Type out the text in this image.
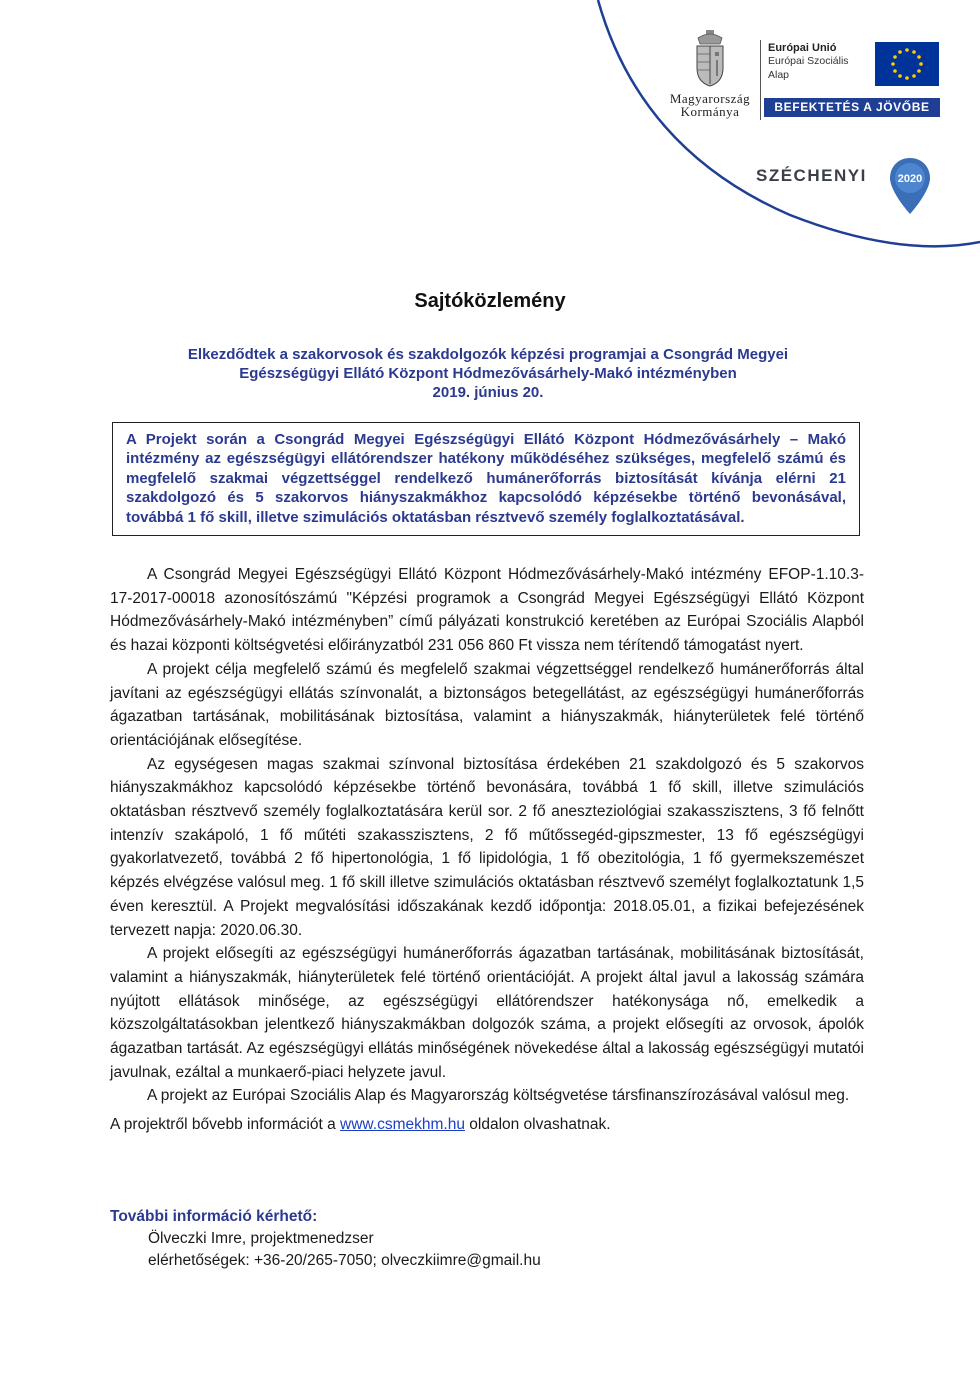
Magyarország
Kormánya
Európai Unió
Európai Szociális
Alap
BEFEKTETÉS A JÖVŐBE
SZÉCHENYI	2020
Sajtóközlemény
Elkezdődtek a szakorvosok és szakdolgozók képzési programjai a Csongrád Megyei
Egészségügyi Ellátó Központ Hódmezővásárhely-Makó intézményben
2019. június 20.

A Projekt során a Csongrád Megyei Egészségügyi Ellátó Központ Hódmezővásárhely – Makó intézmény az egészségügyi ellátórendszer hatékony működéséhez szükséges, megfelelő számú és megfelelő szakmai végzettséggel rendelkező humánerőforrás biztosítását kívánja elérni 21 szakdolgozó és 5 szakorvos hiányszakmákhoz kapcsolódó képzésekbe történő bevonásával, továbbá 1 fő skill, illetve szimulációs oktatásban résztvevő személy foglalkoztatásával.

A Csongrád Megyei Egészségügyi Ellátó Központ Hódmezővásárhely-Makó intézmény EFOP-1.10.3-17-2017-00018 azonosítószámú "Képzési programok a Csongrád Megyei Egészségügyi Ellátó Központ Hódmezővásárhely-Makó intézményben” című pályázati konstrukció keretében az Európai Szociális Alapból és hazai központi költségvetési előirányzatból 231 056 860 Ft vissza nem térítendő támogatást nyert.

A projekt célja megfelelő számú és megfelelő szakmai végzettséggel rendelkező humánerőforrás által javítani az egészségügyi ellátás színvonalát, a biztonságos betegellátást, az egészségügyi humánerőforrás ágazatban tartásának, mobilitásának biztosítása, valamint a hiányszakmák, hiányterületek felé történő orientációjának elősegítése.

Az egységesen magas szakmai színvonal biztosítása érdekében 21 szakdolgozó és 5 szakorvos hiányszakmákhoz kapcsolódó képzésekbe történő bevonására, továbbá 1 fő skill, illetve szimulációs oktatásban résztvevő személy foglalkoztatására kerül sor. 2 fő aneszteziológiai szakasszisztens, 3 fő felnőtt intenzív szakápoló, 1 fő műtéti szakasszisztens, 2 fő műtőssegéd-gipszmester, 13 fő egészségügyi gyakorlatvezető, továbbá 2 fő hipertonológia, 1 fő lipidológia, 1 fő obezitológia, 1 fő gyermekszemészet képzés elvégzése valósul meg. 1 fő skill illetve szimulációs oktatásban résztvevő személyt foglalkoztatunk 1,5 éven keresztül. A Projekt megvalósítási időszakának kezdő időpontja: 2018.05.01, a fizikai befejezésének tervezett napja: 2020.06.30.

A projekt elősegíti az egészségügyi humánerőforrás ágazatban tartásának, mobilitásának biztosítását, valamint a hiányszakmák, hiányterületek felé történő orientációját. A projekt által javul a lakosság számára nyújtott ellátások minősége, az egészségügyi ellátórendszer hatékonysága nő, emelkedik a közszolgáltatásokban jelentkező hiányszakmákban dolgozók száma, a projekt elősegíti az orvosok, ápolók ágazatban tartását. Az egészségügyi ellátás minőségének növekedése által a lakosság egészségügyi mutatói javulnak, ezáltal a munkaerő-piaci helyzete javul.

A projekt az Európai Szociális Alap és Magyarország költségvetése társfinanszírozásával valósul meg.

A projektről bővebb információt a www.csmekhm.hu oldalon olvashatnak.

További információ kérhető:
Ölveczki Imre, projektmenedzser
elérhetőségek: +36-20/265-7050; olveczkiimre@gmail.hu
